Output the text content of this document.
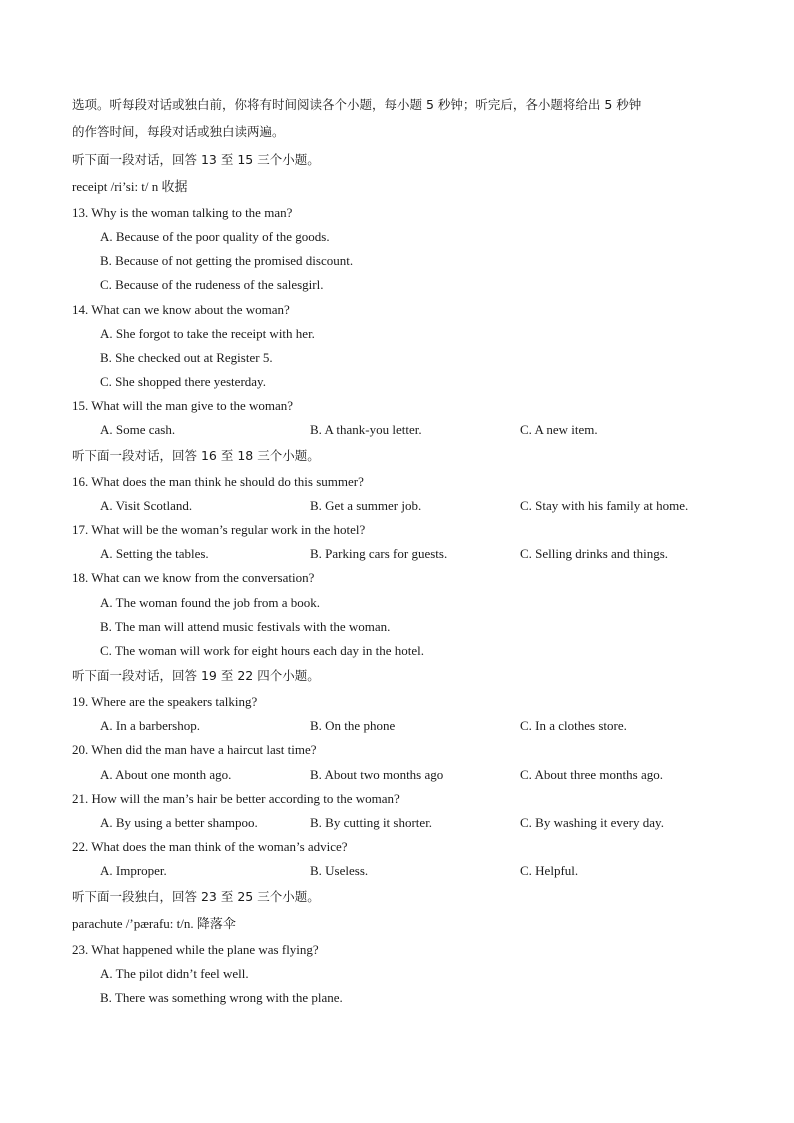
选项。听每段对话或独白前，你将有时间阅读各个小题，每小题 5 秒钟；听完后，各小题将给出 5 秒钟
的作答时间，每段对话或独白读两遍。
听下面一段对话，回答 13 至 15 三个小题。
receipt /ri’si: t/ n 收据
13. Why is the woman talking to the man?
A. Because of the poor quality of the goods.
B. Because of not getting the promised discount.
C. Because of the rudeness of the salesgirl.
14. What can we know about the woman?
A. She forgot to take the receipt with her.
B. She checked out at Register 5.
C. She shopped there yesterday.
15. What will the man give to the woman?
A. Some cash.	B. A thank-you letter.	C. A new item.
听下面一段对话，回答 16 至 18 三个小题。
16. What does the man think he should do this summer?
A. Visit Scotland.	B. Get a summer job.	C. Stay with his family at home.
17. What will be the woman’s regular work in the hotel?
A. Setting the tables.	B. Parking cars for guests.	C. Selling drinks and things.
18. What can we know from the conversation?
A. The woman found the job from a book.
B. The man will attend music festivals with the woman.
C. The woman will work for eight hours each day in the hotel.
听下面一段对话，回答 19 至 22 四个小题。
19. Where are the speakers talking?
A. In a barbershop.	B. On the phone	C. In a clothes store.
20. When did the man have a haircut last time?
A. About one month ago.	B. About two months ago	C. About three months ago.
21. How will the man’s hair be better according to the woman?
A. By using a better shampoo.	B. By cutting it shorter.	C. By washing it every day.
22. What does the man think of the woman’s advice?
A. Improper.	B. Useless.	C. Helpful.
听下面一段独白，回答 23 至 25 三个小题。
parachute /’pærafu: t/n. 降落伞
23. What happened while the plane was flying?
A. The pilot didn’t feel well.
B. There was something wrong with the plane.
